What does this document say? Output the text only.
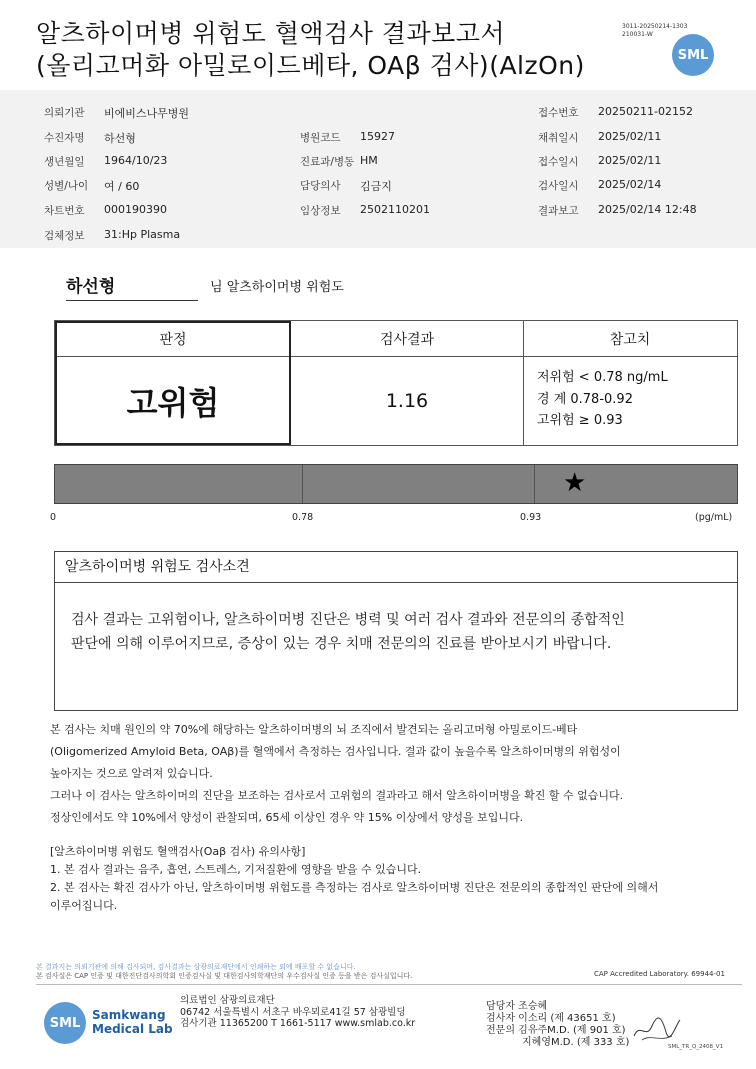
알츠하이머병 위험도 혈액검사 결과보고서
(올리고머화 아밀로이드베타, OAβ 검사)(AlzOn)
3011-20250214-1303
210031-W
SML
의뢰기관 비에비스나무병원	접수번호 20250211-02152
수진자명 하선형	병원코드 15927	채취일시 2025/02/11
생년월일 1964/10/23	진료과/병동 HM	접수일시 2025/02/11
성별/나이 여 / 60	담당의사 김금지	검사일시 2025/02/14
차트번호 000190390	임상정보 2502110201	결과보고 2025/02/14 12:48
검체정보 31:Hp Plasma
하선형	님 알츠하이머병 위험도
판정	검사결과	참고치
고위험	1.16
저위험 < 0.78 ng/mL
경 계 0.78-0.92
고위험 ≥ 0.93
★
0	0.78	0.93	(pg/mL)
알츠하이머병 위험도 검사소견
검사 결과는 고위험이나, 알츠하이머병 진단은 병력 및 여러 검사 결과와 전문의의 종합적인
판단에 의해 이루어지므로, 증상이 있는 경우 치매 전문의의 진료를 받아보시기 바랍니다.
본 검사는 치매 원인의 약 70%에 해당하는 알츠하이머병의 뇌 조직에서 발견되는 올리고머형 아밀로이드-베타
(Oligomerized Amyloid Beta, OAβ)를 혈액에서 측정하는 검사입니다. 결과 값이 높을수록 알츠하이머병의 위험성이
높아지는 것으로 알려져 있습니다.
그러나 이 검사는 알츠하이머의 진단을 보조하는 검사로서 고위험의 결과라고 해서 알츠하이머병을 확진 할 수 없습니다.
정상인에서도 약 10%에서 양성이 관찰되며, 65세 이상인 경우 약 15% 이상에서 양성을 보입니다.
[알츠하이머병 위험도 혈액검사(Oaβ 검사) 유의사항]
1. 본 검사 결과는 음주, 흡연, 스트레스, 기저질환에 영향을 받을 수 있습니다.
2. 본 검사는 확진 검사가 아닌, 알츠하이머병 위험도를 측정하는 검사로 알츠하이머병 진단은 전문의의 종합적인 판단에 의해서
이루어집니다.
본 결과지는 의뢰기관에 의해 검사되며, 검사결과는 삼광의료재단에서 인쇄하는 외에 배포할 수 없습니다.
본 검사실은 CAP 인증 및 대한진단검사의학회 인증검사실 및 대한검사의학재단의 우수검사실 인증 등을 받은 검사실입니다.	CAP Accredited Laboratory. 69944-01
SML
Samkwang
Medical Lab
의료법인 삼광의료재단
06742 서울특별시 서초구 바우뫼로41길 57 삼광빌딩
검사기관 11365200 T 1661-5117 www.smlab.co.kr
담당자 조승혜
검사자 이소리 (제 43651 호)
전문의 김유주M.D. (제 901 호)
지혜영M.D. (제 333 호)	SML_TR_Q_2408_V1
